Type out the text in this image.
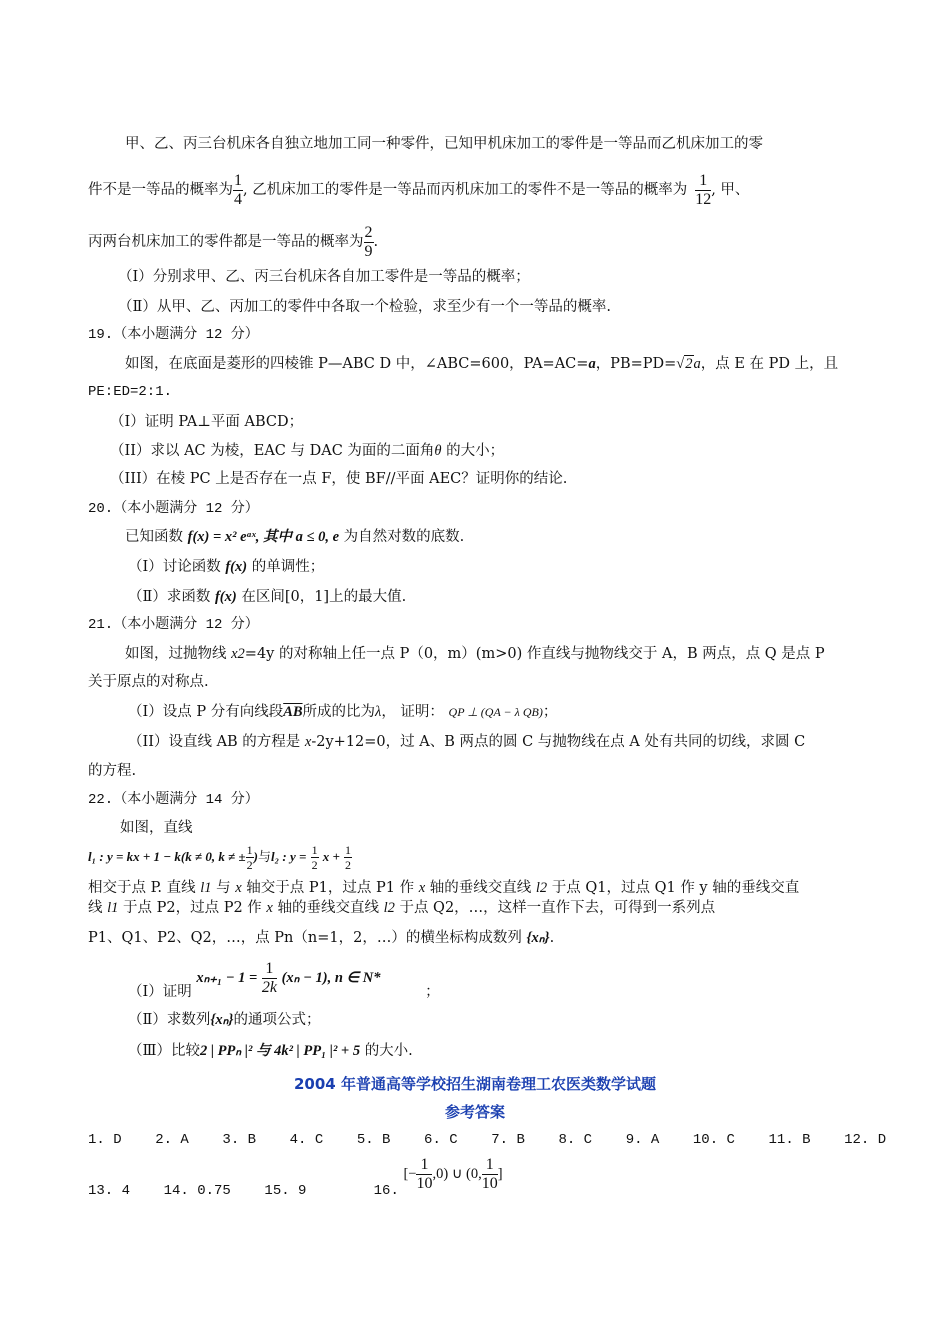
甲、乙、丙三台机床各自独立地加工同一种零件，已知甲机床加工的零件是一等品而乙机床加工的零
件不是一等品的概率为 $\frac{1}{4}$ , 乙机床加工的零件是一等品而丙机床加工的零件不是一等品的概率为 $\frac{1}{12}$ , 甲、
丙两台机床加工的零件都是一等品的概率为 $\frac{2}{9}$ .
（Ⅰ）分别求甲、乙、丙三台机床各自加工零件是一等品的概率；
（Ⅱ）从甲、乙、丙加工的零件中各取一个检验，求至少有一个一等品的概率.
19.（本小题满分 12 分）
如图，在底面是菱形的四棱锥 P—ABC D 中，∠ABC=600，PA=AC=a，PB=PD=√2a，点 E 在 PD 上，且
PE:ED=2:1.
（I）证明 PA⊥平面 ABCD；
（II）求以 AC 为棱，EAC 与 DAC 为面的二面角θ 的大小；
（III）在棱 PC 上是否存在一点 F，使 BF//平面 AEC？证明你的结论.
20.（本小题满分 12 分）
已知函数 f(x) = x² eᵃˣ, 其中 a ≤ 0, e 为自然对数的底数.
（Ⅰ）讨论函数 f(x) 的单调性；
（Ⅱ）求函数 f(x) 在区间[0，1]上的最大值.
21.（本小题满分 12 分）
如图，过抛物线 x2=4y 的对称轴上任一点 P（0，m）(m>0) 作直线与抛物线交于 A，B 两点，点 Q 是点 P
关于原点的对称点.
（I）设点 P 分有向线段$\overline{AB}$所成的比为λ， 证明： QP ⊥ (QA − λ QB)；
（II）设直线 AB 的方程是 x-2y+12=0，过 A、B 两点的圆 C 与抛物线在点 A 处有共同的切线，求圆 C
的方程.
22.（本小题满分 14 分）
如图，直线
l₁ : y = kx + 1 − k(k ≠ 0, k ≠ ± $\frac{1}{2}$ )与l₂ : $y = \frac{1}{2}$ $x + \frac{1}{2}$
相交于点 P. 直线 l1 与 x 轴交于点 P1，过点 P1 作 x 轴的垂线交直线 l2 于点 Q1，过点 Q1 作 y 轴的垂线交直
线 l1 于点 P2，过点 P2 作 x 轴的垂线交直线 l2 于点 Q2，…，这样一直作下去，可得到一系列点
P1、Q1、P2、Q2，…，点 Pn（n=1，2，…）的横坐标构成数列 {xₙ}.
（Ⅰ）证明 $x_{n+1} - 1 = \frac{1}{2k} (x_n - 1)$, n ∈ N* ；
（Ⅱ）求数列{xₙ}的通项公式；
（Ⅲ）比较2 | PPₙ |² 与 4k² | PP₁ |² + 5 的大小.
2004 年普通高等学校招生湖南卷理工农医类数学试题
参考答案
1. D    2. A    3. B    4. C    5. B    6. C    7. B    8. C    9. A    10. C    11. B    12. D
13. 4    14. 0.75    15. 9        16. [− $\frac{1}{10} ,0$) ∪ (0, $\frac{1}{10}$ ]
